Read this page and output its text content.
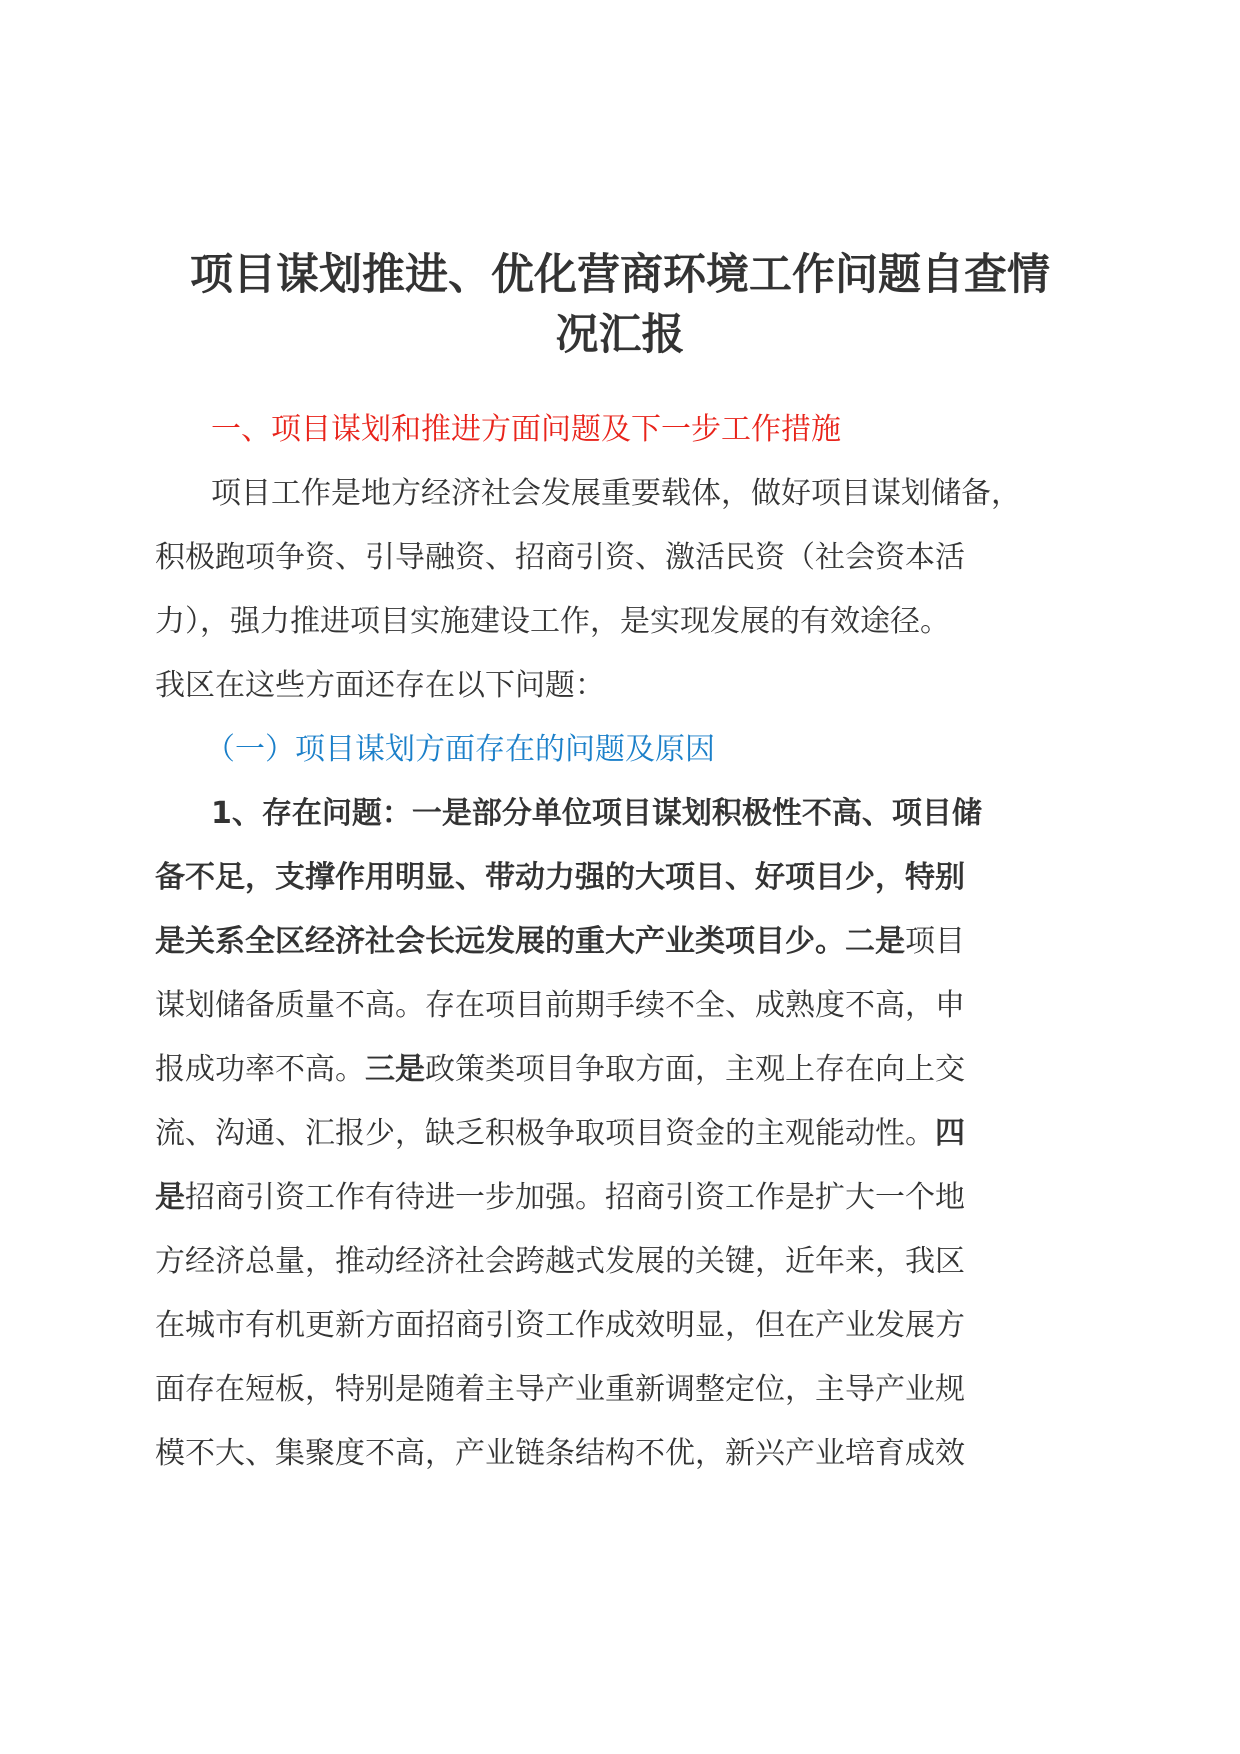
项目谋划推进、优化营商环境工作问题自查情
况汇报
一、项目谋划和推进方面问题及下一步工作措施

项目工作是地方经济社会发展重要载体，做好项目谋划储备，
积极跑项争资、引导融资、招商引资、激活民资（社会资本活
力），强力推进项目实施建设工作，是实现发展的有效途径。
我区在这些方面还存在以下问题：

（一）项目谋划方面存在的问题及原因

1、存在问题：一是部分单位项目谋划积极性不高、项目储
备不足，支撑作用明显、带动力强的大项目、好项目少，特别
是关系全区经济社会长远发展的重大产业类项目少。二是项目
谋划储备质量不高。存在项目前期手续不全、成熟度不高，申
报成功率不高。三是政策类项目争取方面，主观上存在向上交
流、沟通、汇报少，缺乏积极争取项目资金的主观能动性。四
是招商引资工作有待进一步加强。招商引资工作是扩大一个地
方经济总量，推动经济社会跨越式发展的关键，近年来，我区
在城市有机更新方面招商引资工作成效明显，但在产业发展方
面存在短板，特别是随着主导产业重新调整定位，主导产业规
模不大、集聚度不高，产业链条结构不优，新兴产业培育成效
